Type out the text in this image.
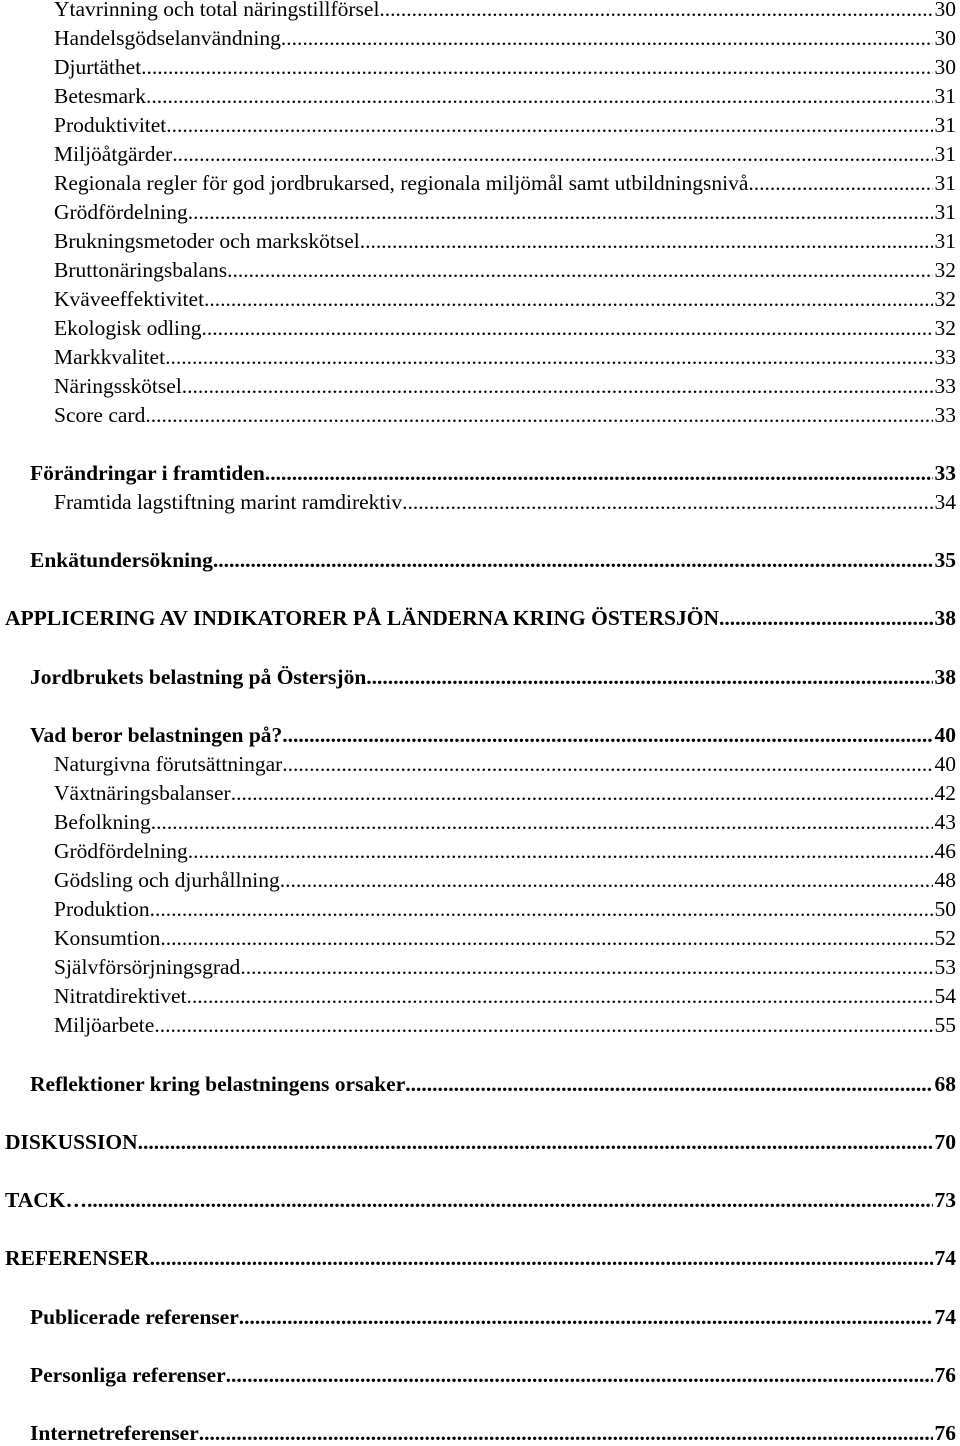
Ytavrinning och total näringstillförsel .....	30
Handelsgödselanvändning .....	30
Djurtäthet .....	30
Betesmark .....	31
Produktivitet .....	31
Miljöåtgärder .....	31
Regionala regler för god jordbrukarsed, regionala miljömål samt utbildningsnivå .....	31
Grödfördelning .....	31
Brukningsmetoder och markskötsel .....	31
Bruttonäringsbalans .....	32
Kväveeffektivitet .....	32
Ekologisk odling .....	32
Markkvalitet .....	33
Näringsskötsel .....	33
Score card .....	33
Förändringar i framtiden .....	33
Framtida lagstiftning marint ramdirektiv .....	34
Enkätundersökning .....	35
APPLICERING AV INDIKATORER PÅ LÄNDERNA KRING ÖSTERSJÖN .....	38
Jordbrukets belastning på Östersjön .....	38
Vad beror belastningen på? .....	40
Naturgivna förutsättningar .....	40
Växtnäringsbalanser .....	42
Befolkning .....	43
Grödfördelning .....	46
Gödsling och djurhållning .....	48
Produktion .....	50
Konsumtion .....	52
Självförsörjningsgrad .....	53
Nitratdirektivet .....	54
Miljöarbete .....	55
Reflektioner kring belastningens orsaker .....	68
DISKUSSION .....	70
TACK… .....	73
REFERENSER .....	74
Publicerade referenser .....	74
Personliga referenser .....	76
Internetreferenser .....	76
